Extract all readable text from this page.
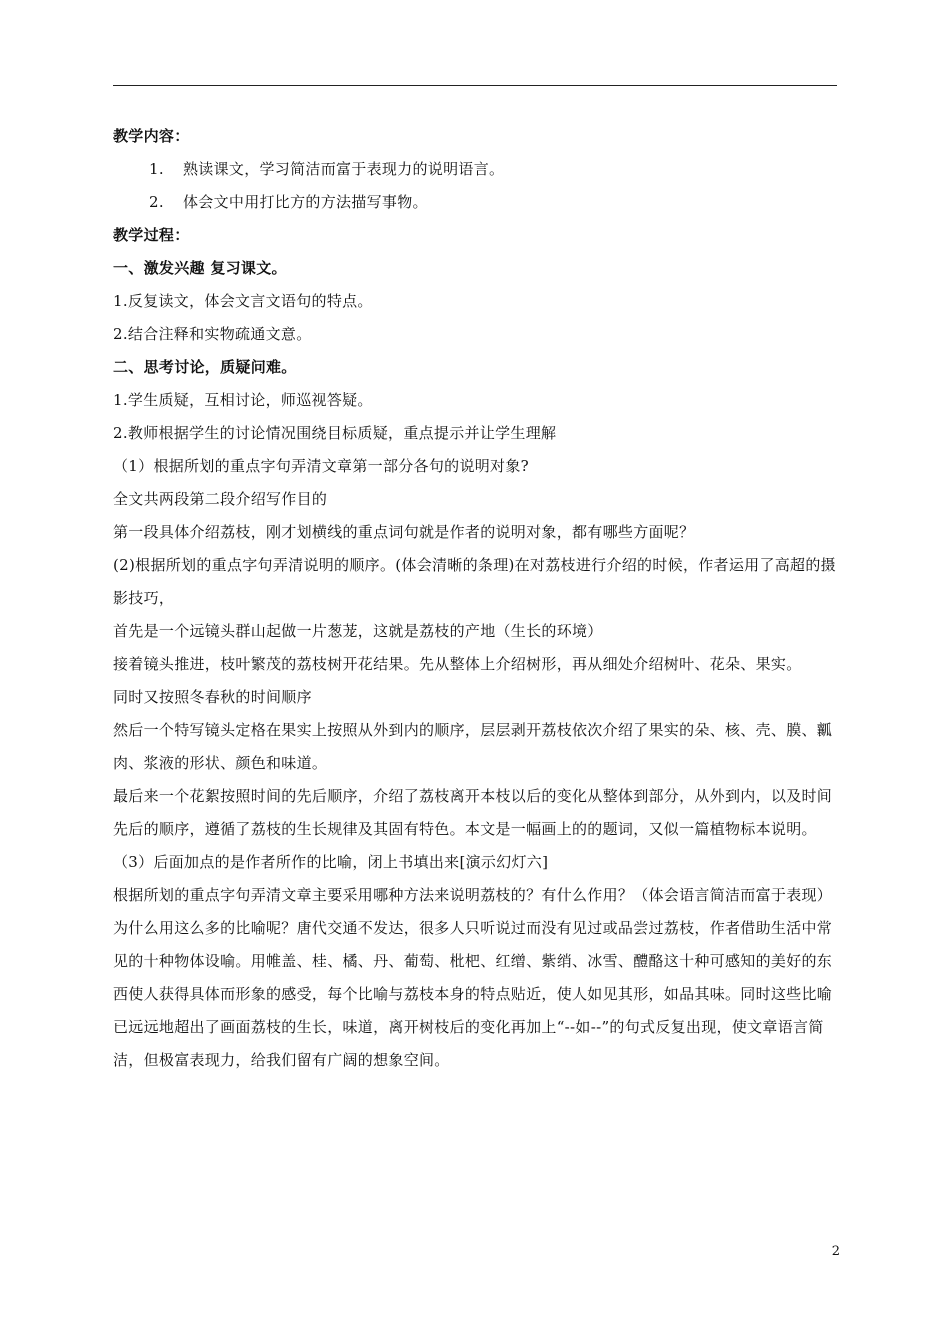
教学内容：

1. 熟读课文，学习简洁而富于表现力的说明语言。

2. 体会文中用打比方的方法描写事物。

教学过程：

一、激发兴趣 复习课文。

1.反复读文，体会文言文语句的特点。

2.结合注释和实物疏通文意。

二、思考讨论，质疑问难。

1.学生质疑，互相讨论，师巡视答疑。

2.教师根据学生的讨论情况围绕目标质疑，重点提示并让学生理解

（1）根据所划的重点字句弄清文章第一部分各句的说明对象?

全文共两段第二段介绍写作目的

第一段具体介绍荔枝，刚才划横线的重点词句就是作者的说明对象，都有哪些方面呢？

(2)根据所划的重点字句弄清说明的顺序。(体会清晰的条理)在对荔枝进行介绍的时候，作者运用了高超的摄影技巧，

首先是一个远镜头群山起做一片葱茏，这就是荔枝的产地（生长的环境）

接着镜头推进，枝叶繁茂的荔枝树开花结果。先从整体上介绍树形，再从细处介绍树叶、花朵、果实。

同时又按照冬春秋的时间顺序

然后一个特写镜头定格在果实上按照从外到内的顺序，层层剥开荔枝依次介绍了果实的朵、核、壳、膜、瓤肉、浆液的形状、颜色和味道。

最后来一个花絮按照时间的先后顺序，介绍了荔枝离开本枝以后的变化从整体到部分，从外到内，以及时间先后的顺序，遵循了荔枝的生长规律及其固有特色。本文是一幅画上的的题词，又似一篇植物标本说明。

（3）后面加点的是作者所作的比喻，闭上书填出来[演示幻灯六]

根据所划的重点字句弄清文章主要采用哪种方法来说明荔枝的？有什么作用？（体会语言简洁而富于表现）

为什么用这么多的比喻呢？唐代交通不发达，很多人只听说过而没有见过或品尝过荔枝，作者借助生活中常见的十种物体设喻。用帷盖、桂、橘、丹、葡萄、枇杷、红缯、紫绡、冰雪、醴酪这十种可感知的美好的东西使人获得具体而形象的感受，每个比喻与荔枝本身的特点贴近，使人如见其形，如品其味。同时这些比喻已远远地超出了画面荔枝的生长，味道，离开树枝后的变化再加上“--如--”的句式反复出现，使文章语言简洁，但极富表现力，给我们留有广阔的想象空间。

2
